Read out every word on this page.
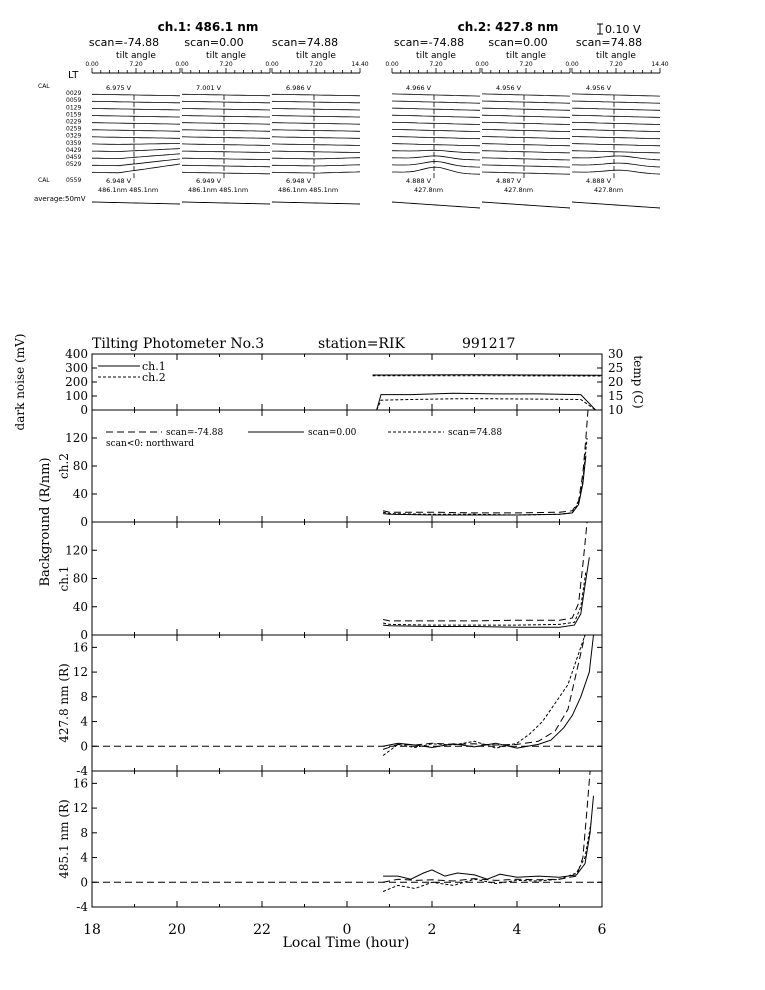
ch.1: 486.1 nm	ch.2: 427.8 nm	0.10 V
scan=-74.88 scan=0.00	scan=74.88	scan=-74.88 scan=0.00	scan=74.88
tilt angle	tilt angle	tilt angle	tilt angle	tilt angle	tilt angle
0.00	7.20	0.00	7.20	0.00	7.20	14.40	0.00	7.20	0.00	7.20	0.00	7.20	14.40
LT
CAL
0029
0059
0129
0159
0229
0259
0329
0359
0429
0459
0529
CAL	0559
6.975 V	7.001 V	6.986 V	4.966 V	4.956 V	4.956 V
6.948 V	6.949 V	6.948 V	4.888 V	4.887 V	4.888 V
486.1nm 485.1nm	486.1nm 485.1nm	486.1nm 485.1nm	427.8nm	427.8nm	427.8nm
average:50mV
Tilting Photometer No.3	station=RIK	991217
0
100
200
300
400
dark noise (mV)	10
15
20
25
30
temp (C)
ch.1
ch.2
0
40
80
120
ch.2
scan=-74.88	scan=0.00	scan=74.88
scan<0: northward
0
40
80
120
ch.1
-4
0
4
8
12
16
427.8 nm (R)
-4
0
4
8
12
16
485.1 nm (R)
18	20	22	0	2	4	6
Local Time (hour)
Background (R/nm)
